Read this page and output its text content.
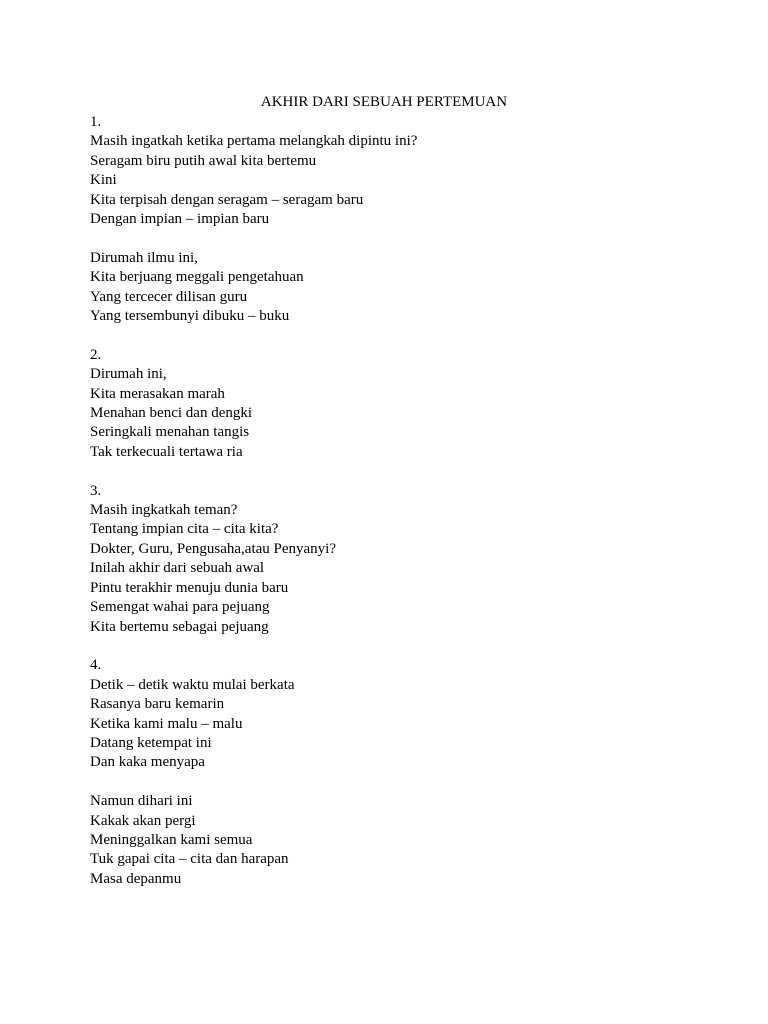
AKHIR DARI SEBUAH PERTEMUAN
1.
Masih ingatkah ketika pertama melangkah dipintu ini?
Seragam biru putih awal kita bertemu
Kini
Kita terpisah dengan seragam – seragam baru
Dengan impian – impian baru
Dirumah ilmu ini,
Kita berjuang meggali pengetahuan
Yang tercecer dilisan guru
Yang tersembunyi dibuku – buku
2.
Dirumah ini,
Kita merasakan marah
Menahan benci dan dengki
Seringkali menahan tangis
Tak terkecuali tertawa ria
3.
Masih ingkatkah teman?
Tentang impian cita – cita kita?
Dokter, Guru, Pengusaha,atau Penyanyi?
Inilah akhir dari sebuah awal
Pintu terakhir menuju dunia baru
Semengat wahai para pejuang
Kita bertemu sebagai pejuang
4.
Detik – detik waktu mulai berkata
Rasanya baru kemarin
Ketika kami malu – malu
Datang ketempat ini
Dan kaka menyapa
Namun dihari ini
Kakak akan pergi
Meninggalkan kami semua
Tuk gapai cita – cita dan harapan
Masa depanmu
